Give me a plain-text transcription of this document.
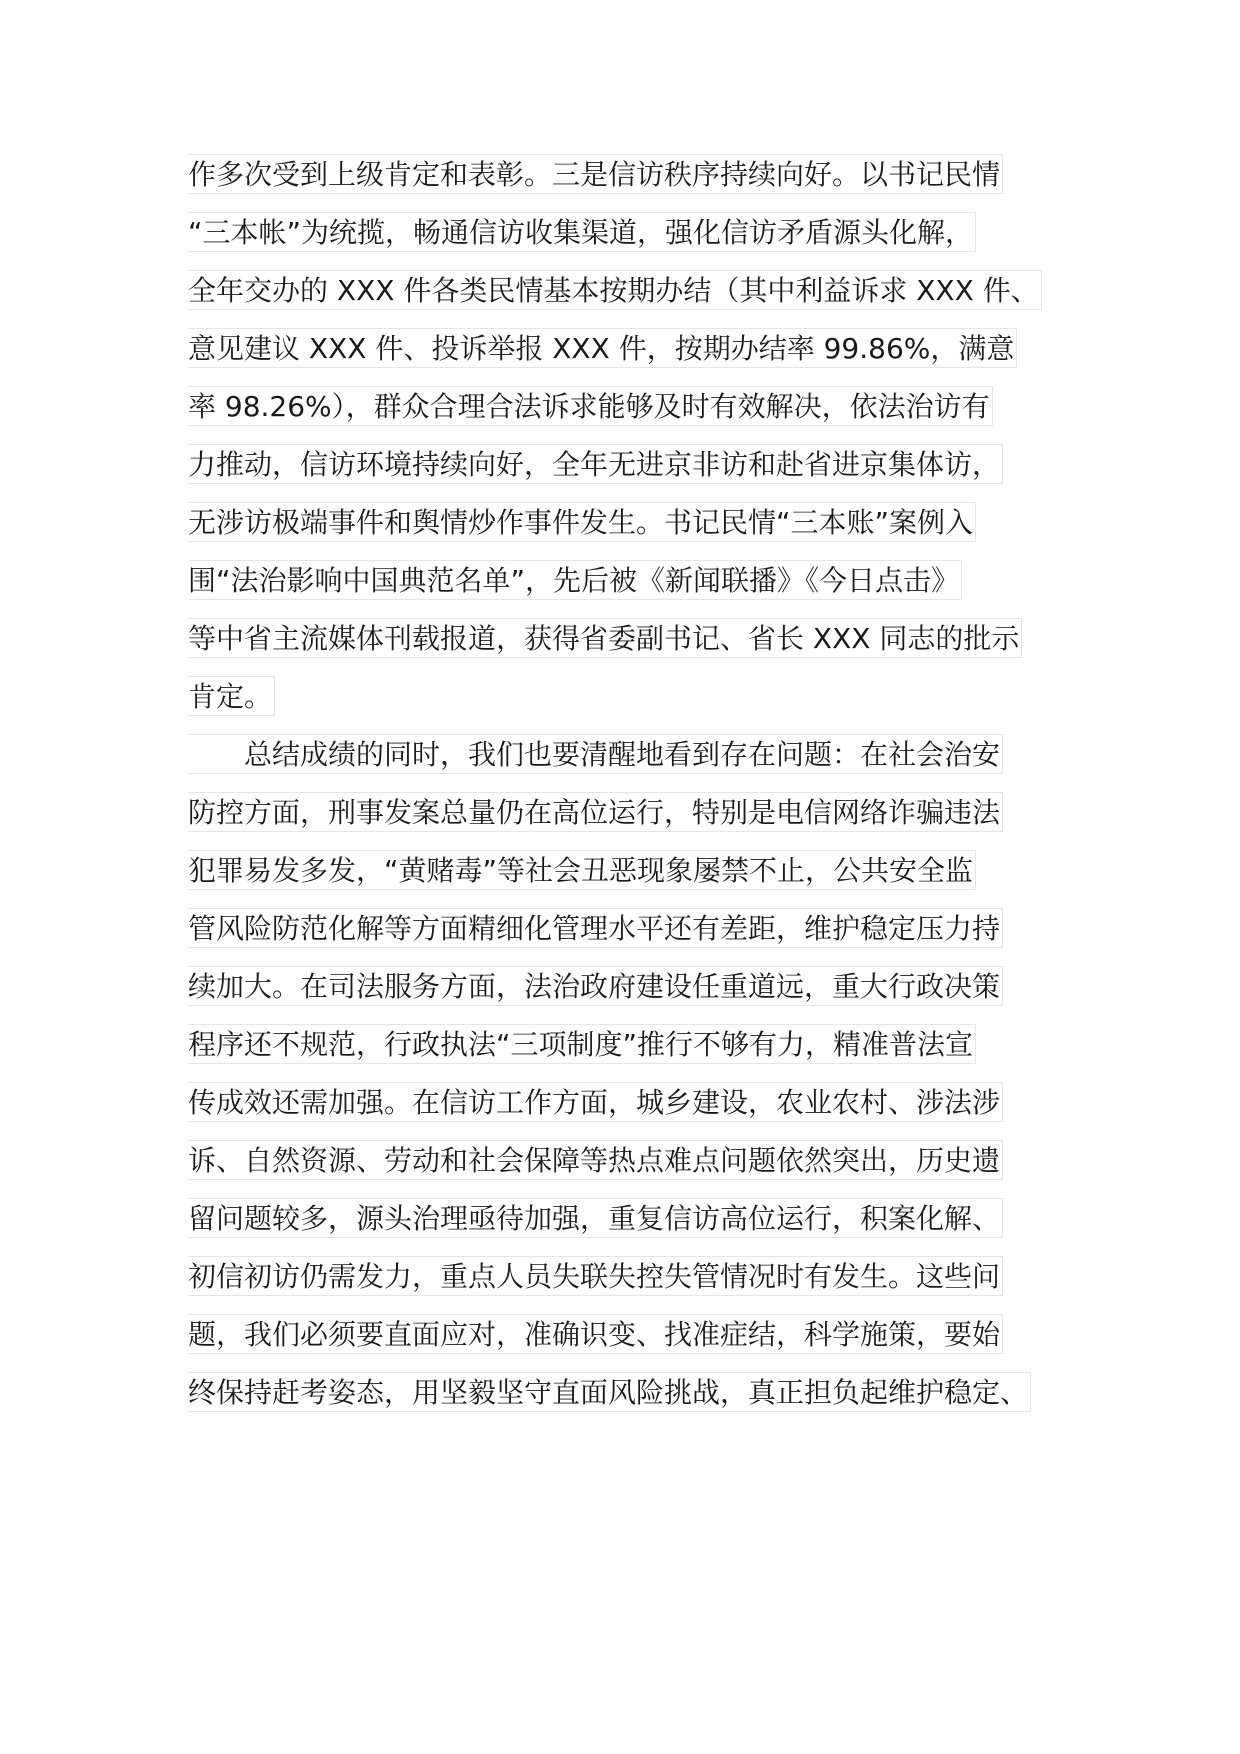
作多次受到上级肯定和表彰。三是信访秩序持续向好。以书记民情
“三本帐”为统揽，畅通信访收集渠道，强化信访矛盾源头化解，
全年交办的 XXX 件各类民情基本按期办结（其中利益诉求 XXX 件、
意见建议 XXX 件、投诉举报 XXX 件，按期办结率 99.86%，满意
率 98.26%），群众合理合法诉求能够及时有效解决，依法治访有
力推动，信访环境持续向好，全年无进京非访和赴省进京集体访，
无涉访极端事件和舆情炒作事件发生。书记民情“三本账”案例入
围“法治影响中国典范名单”，先后被《新闻联播》《今日点击》
等中省主流媒体刊载报道，获得省委副书记、省长 XXX 同志的批示
肯定。
　　总结成绩的同时，我们也要清醒地看到存在问题：在社会治安
防控方面，刑事发案总量仍在高位运行，特别是电信网络诈骗违法
犯罪易发多发，“黄赌毒”等社会丑恶现象屡禁不止，公共安全监
管风险防范化解等方面精细化管理水平还有差距，维护稳定压力持
续加大。在司法服务方面，法治政府建设任重道远，重大行政决策
程序还不规范，行政执法“三项制度”推行不够有力，精准普法宣
传成效还需加强。在信访工作方面，城乡建设，农业农村、涉法涉
诉、自然资源、劳动和社会保障等热点难点问题依然突出，历史遗
留问题较多，源头治理亟待加强，重复信访高位运行，积案化解、
初信初访仍需发力，重点人员失联失控失管情况时有发生。这些问
题，我们必须要直面应对，准确识变、找准症结，科学施策，要始
终保持赶考姿态，用坚毅坚守直面风险挑战，真正担负起维护稳定、
